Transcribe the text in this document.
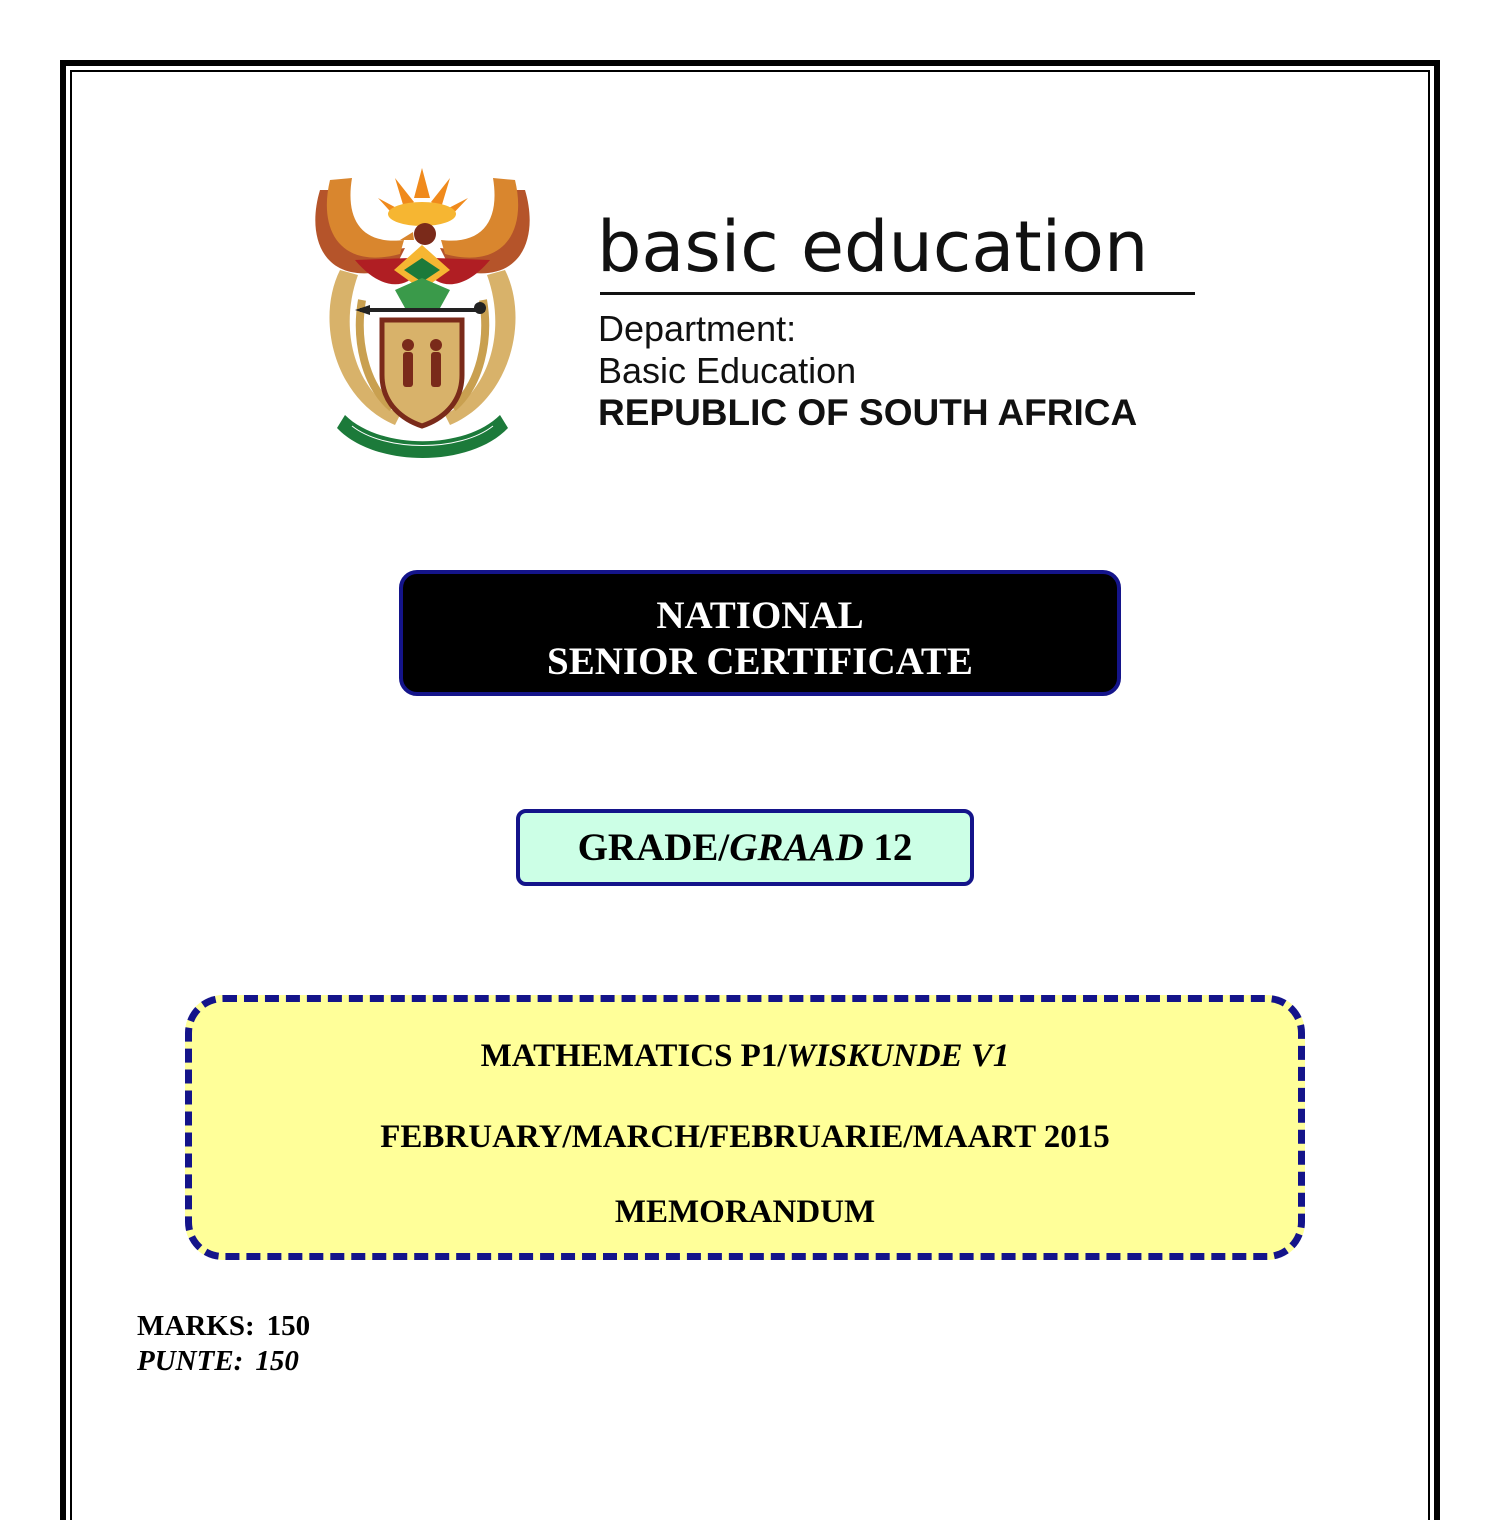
basic education
Department:
Basic Education
REPUBLIC OF SOUTH AFRICA
NATIONAL
SENIOR CERTIFICATE
GRADE/GRAAD 12
MATHEMATICS P1/WISKUNDE V1
FEBRUARY/MARCH/FEBRUARIE/MAART 2015
MEMORANDUM
MARKS: 150
PUNTE: 150
